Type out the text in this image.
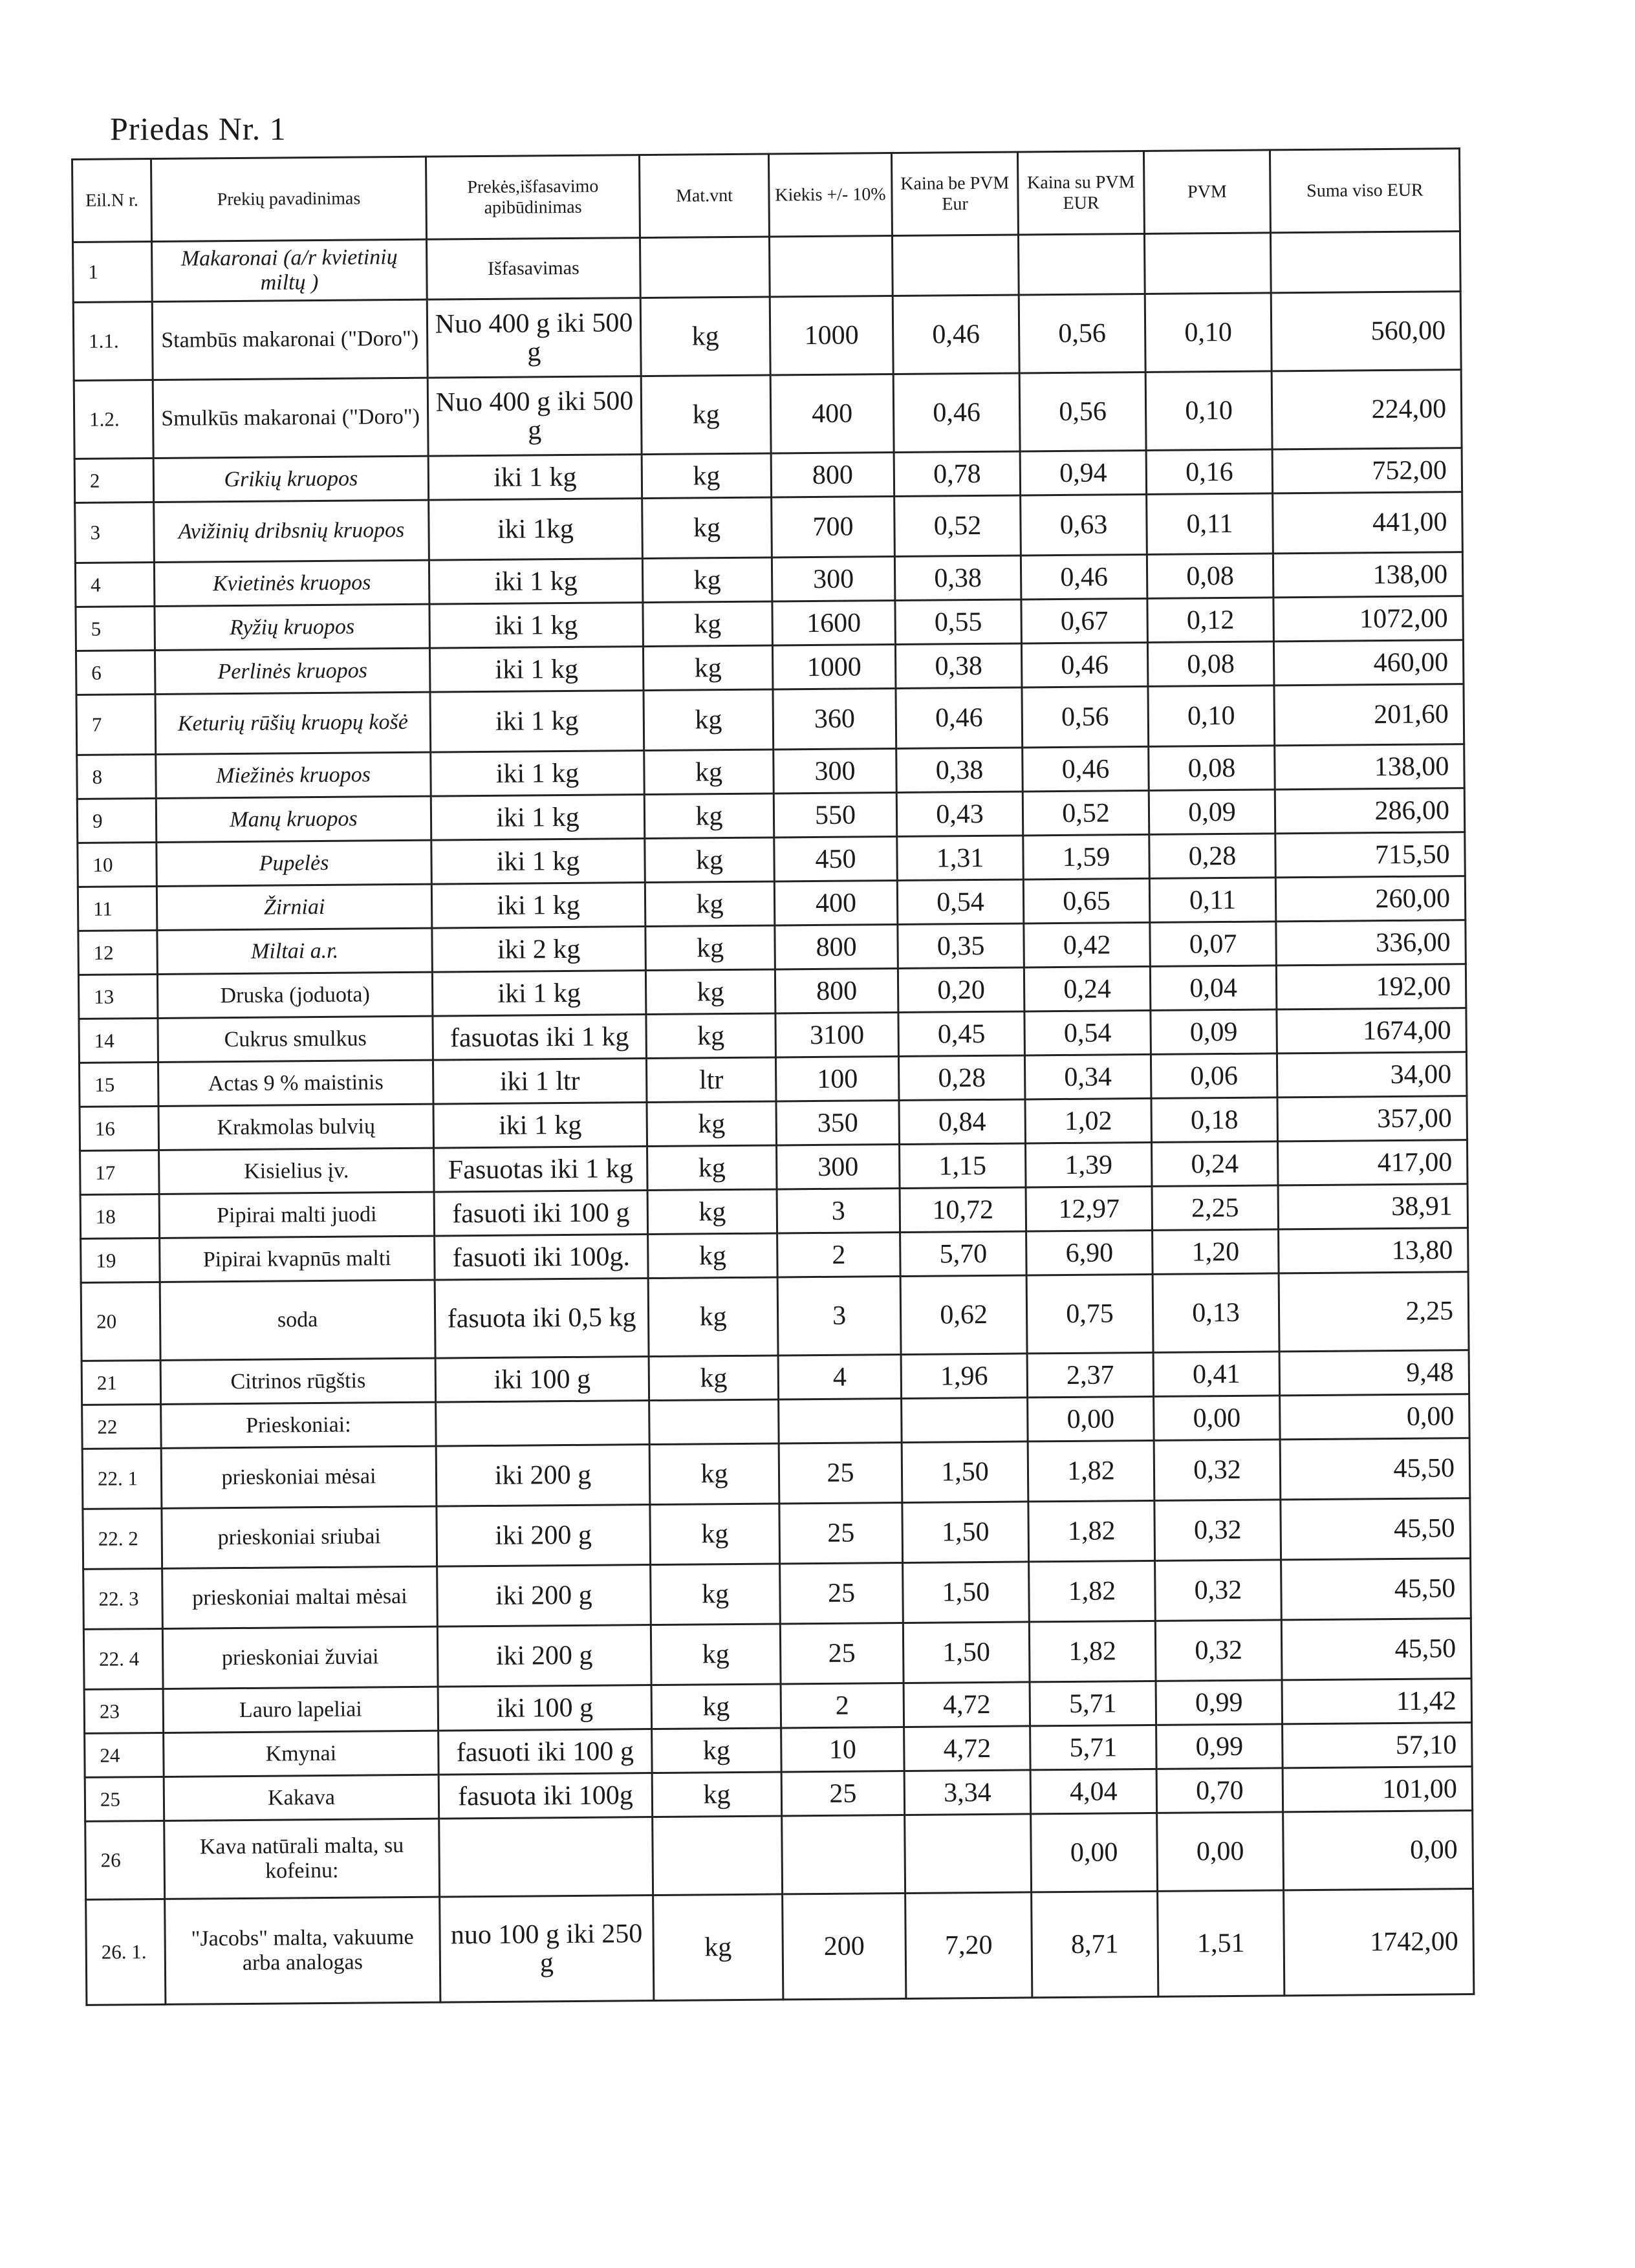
Priedas Nr. 1
Eil.N r.	Prekių pavadinimas	Prekės,išfasavimo apibūdinimas	Mat.vnt	Kiekis +/- 10%	Kaina be PVM Eur	Kaina su PVM EUR	PVM	Suma viso EUR
1	Makaronai (a/r kvietinių miltų )	Išfasavimas						
1.1.	Stambūs makaronai ("Doro")	Nuo 400 g iki 500 g	kg	1000	0,46	0,56	0,10	560,00
1.2.	Smulkūs makaronai ("Doro")	Nuo 400 g iki 500 g	kg	400	0,46	0,56	0,10	224,00
2	Grikių kruopos	iki 1 kg	kg	800	0,78	0,94	0,16	752,00
3	Avižinių dribsnių kruopos	iki 1kg	kg	700	0,52	0,63	0,11	441,00
4	Kvietinės kruopos	iki 1 kg	kg	300	0,38	0,46	0,08	138,00
5	Ryžių kruopos	iki 1 kg	kg	1600	0,55	0,67	0,12	1072,00
6	Perlinės kruopos	iki 1 kg	kg	1000	0,38	0,46	0,08	460,00
7	Keturių rūšių kruopų košė	iki 1 kg	kg	360	0,46	0,56	0,10	201,60
8	Miežinės kruopos	iki 1 kg	kg	300	0,38	0,46	0,08	138,00
9	Manų kruopos	iki 1 kg	kg	550	0,43	0,52	0,09	286,00
10	Pupelės	iki 1 kg	kg	450	1,31	1,59	0,28	715,50
11	Žirniai	iki 1 kg	kg	400	0,54	0,65	0,11	260,00
12	Miltai a.r.	iki 2 kg	kg	800	0,35	0,42	0,07	336,00
13	Druska (joduota)	iki 1 kg	kg	800	0,20	0,24	0,04	192,00
14	Cukrus smulkus	fasuotas iki 1 kg	kg	3100	0,45	0,54	0,09	1674,00
15	Actas 9 % maistinis	iki 1 ltr	ltr	100	0,28	0,34	0,06	34,00
16	Krakmolas bulvių	iki 1 kg	kg	350	0,84	1,02	0,18	357,00
17	Kisielius įv.	Fasuotas iki 1 kg	kg	300	1,15	1,39	0,24	417,00
18	Pipirai malti juodi	fasuoti iki 100 g	kg	3	10,72	12,97	2,25	38,91
19	Pipirai kvapnūs malti	fasuoti iki 100g.	kg	2	5,70	6,90	1,20	13,80
20	soda	fasuota iki 0,5 kg	kg	3	0,62	0,75	0,13	2,25
21	Citrinos rūgštis	iki 100 g	kg	4	1,96	2,37	0,41	9,48
22	Prieskoniai:					0,00	0,00	0,00
22. 1	prieskoniai mėsai	iki 200 g	kg	25	1,50	1,82	0,32	45,50
22. 2	prieskoniai sriubai	iki 200 g	kg	25	1,50	1,82	0,32	45,50
22. 3	prieskoniai maltai mėsai	iki 200 g	kg	25	1,50	1,82	0,32	45,50
22. 4	prieskoniai žuviai	iki 200 g	kg	25	1,50	1,82	0,32	45,50
23	Lauro lapeliai	iki 100 g	kg	2	4,72	5,71	0,99	11,42
24	Kmynai	fasuoti iki 100 g	kg	10	4,72	5,71	0,99	57,10
25	Kakava	fasuota iki 100g	kg	25	3,34	4,04	0,70	101,00
26	Kava natūrali malta, su kofeinu:					0,00	0,00	0,00
26. 1.	"Jacobs" malta, vakuume arba analogas	nuo 100 g iki 250 g	kg	200	7,20	8,71	1,51	1742,00
